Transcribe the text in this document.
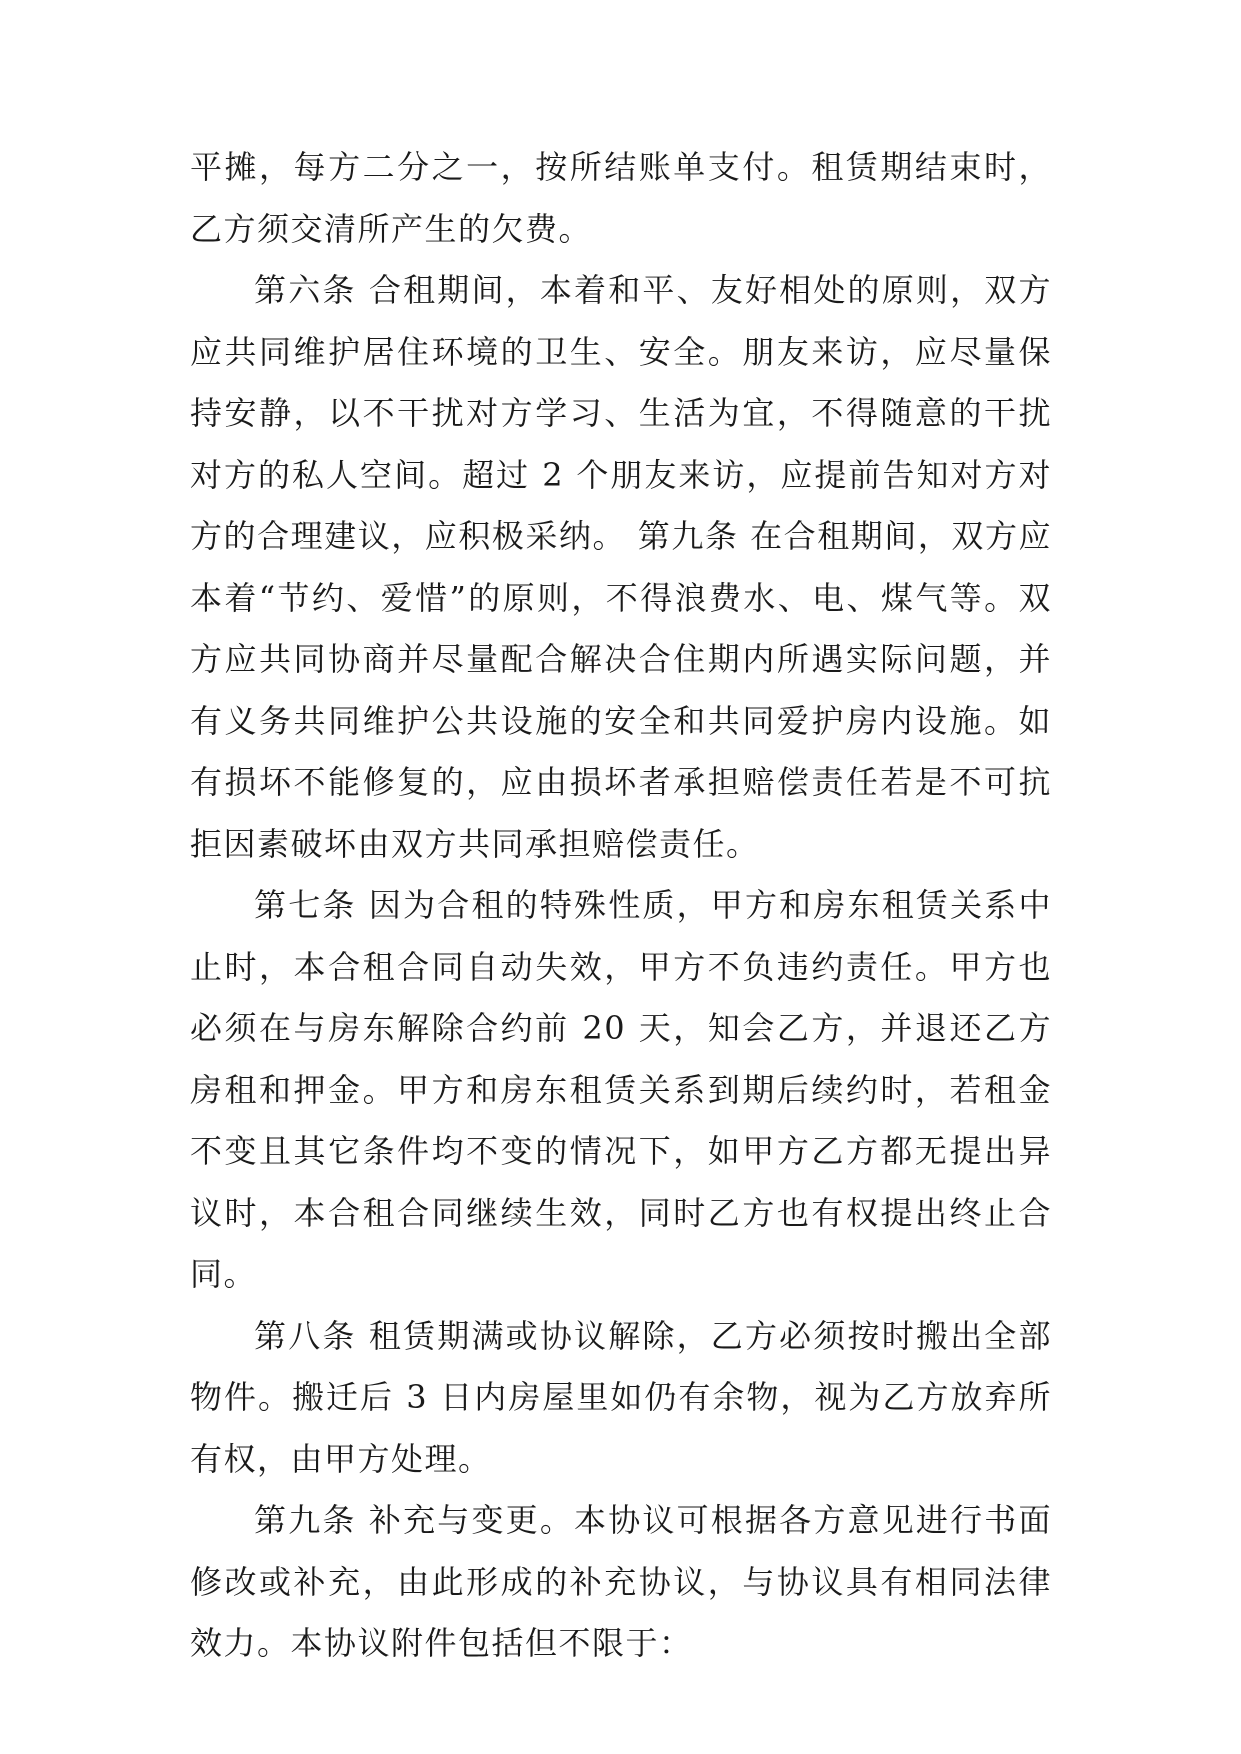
平摊，每方二分之一，按所结账单支付。租赁期结束时，乙方须交清所产生的欠费。

第六条 合租期间，本着和平、友好相处的原则，双方应共同维护居住环境的卫生、安全。朋友来访，应尽量保持安静，以不干扰对方学习、生活为宜，不得随意的干扰对方的私人空间。超过 2 个朋友来访，应提前告知对方对方的合理建议，应积极采纳。 第九条 在合租期间，双方应本着“节约、爱惜”的原则，不得浪费水、电、煤气等。双方应共同协商并尽量配合解决合住期内所遇实际问题，并有义务共同维护公共设施的安全和共同爱护房内设施。如有损坏不能修复的，应由损坏者承担赔偿责任若是不可抗拒因素破坏由双方共同承担赔偿责任。

第七条 因为合租的特殊性质，甲方和房东租赁关系中止时，本合租合同自动失效，甲方不负违约责任。甲方也必须在与房东解除合约前 20 天，知会乙方，并退还乙方房租和押金。甲方和房东租赁关系到期后续约时，若租金不变且其它条件均不变的情况下，如甲方乙方都无提出异议时，本合租合同继续生效，同时乙方也有权提出终止合同。

第八条 租赁期满或协议解除，乙方必须按时搬出全部物件。搬迁后 3 日内房屋里如仍有余物，视为乙方放弃所有权，由甲方处理。

第九条 补充与变更。本协议可根据各方意见进行书面修改或补充，由此形成的补充协议，与协议具有相同法律效力。本协议附件包括但不限于：
